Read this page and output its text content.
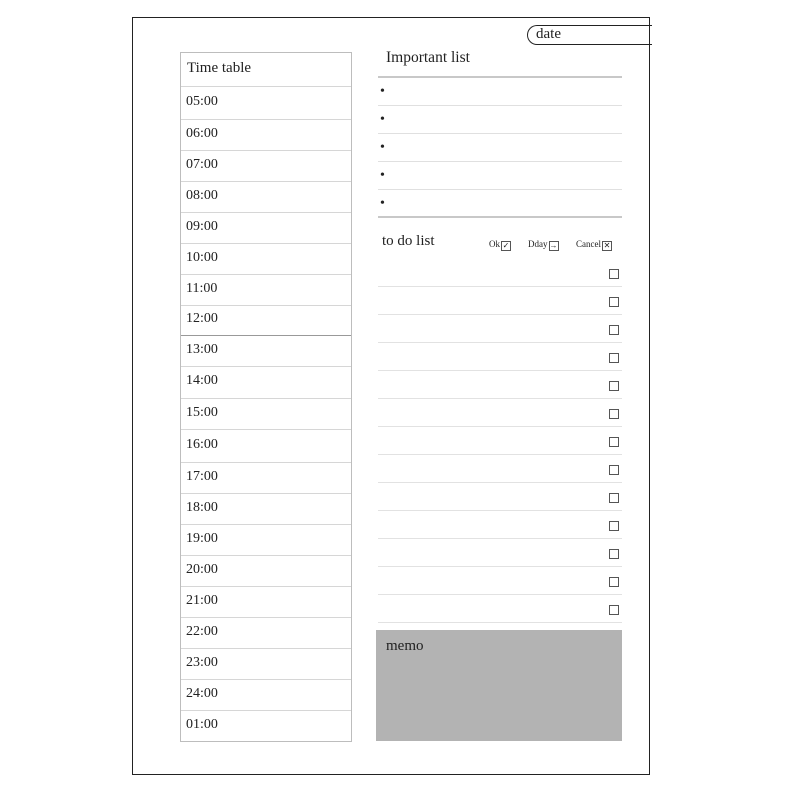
date
Time table
05:00
06:00
07:00
08:00
09:00
10:00
11:00
12:00
13:00
14:00
15:00
16:00
17:00
18:00
19:00
20:00
21:00
22:00
23:00
24:00
01:00
Important list
•
•
•
•
•
to do list	Ok ✓ Dday → Cancel ✕
memo
